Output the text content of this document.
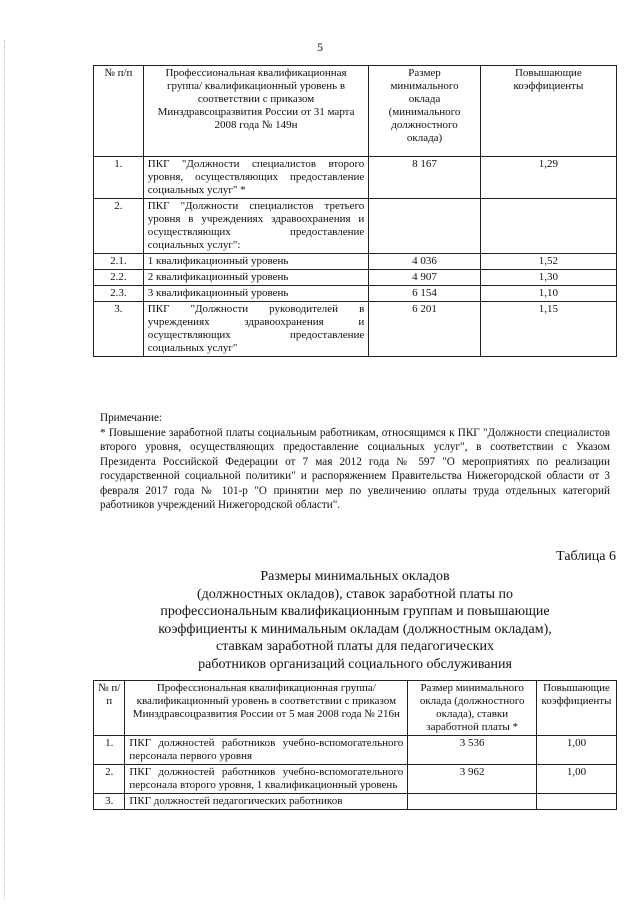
5
№ п/п	Профессиональная квалификационная группа/ квалификационный уровень в соответствии с приказом Минздравсоцразвития России от 31 марта 2008 года № 149н	Размер минимального оклада (минимального должностного оклада)	Повышающие коэффициенты
1.	ПКГ "Должности специалистов второго уровня, осуществляющих предоставление социальных услуг" *	8 167	1,29
2.	ПКГ "Должности специалистов третьего уровня в учреждениях здравоохранения и осуществляющих предоставление социальных услуг":		
2.1.	1 квалификационный уровень	4 036	1,52
2.2.	2 квалификационный уровень	4 907	1,30
2.3.	3 квалификационный уровень	6 154	1,10
3.	ПКГ "Должности руководителей в учреждениях здравоохранения и осуществляющих предоставление социальных услуг"	6 201	1,15

Примечание:

* Повышение заработной платы социальным работникам, относящимся к ПКГ "Должности специалистов второго уровня, осуществляющих предоставление социальных услуг", в соответствии с Указом Президента Российской Федерации от 7 мая 2012 года № 597 "О мероприятиях по реализации государственной социальной политики" и распоряжением Правительства Нижегородской области от 3 февраля 2017 года № 101-р "О принятии мер по увеличению оплаты труда отдельных категорий работников учреждений Нижегородской области".

Таблица 6
Размеры минимальных окладов
(должностных окладов), ставок заработной платы по
профессиональным квалификационным группам и повышающие
коэффициенты к минимальным окладам (должностным окладам),
ставкам заработной платы для педагогических
работников организаций социального обслуживания
№ п/п	Профессиональная квалификационная группа/квалификационный уровень в соответствии с приказом Минздравсоцразвития России от 5 мая 2008 года № 216н	Размер минимального оклада (должностного оклада), ставки заработной платы *	Повышающие коэффициенты
1.	ПКГ должностей работников учебно-вспомогательного персонала первого уровня	3 536	1,00
2.	ПКГ должностей работников учебно-вспомогательного персонала второго уровня, 1 квалификационный уровень	3 962	1,00
3.	ПКГ должностей педагогических работников		
